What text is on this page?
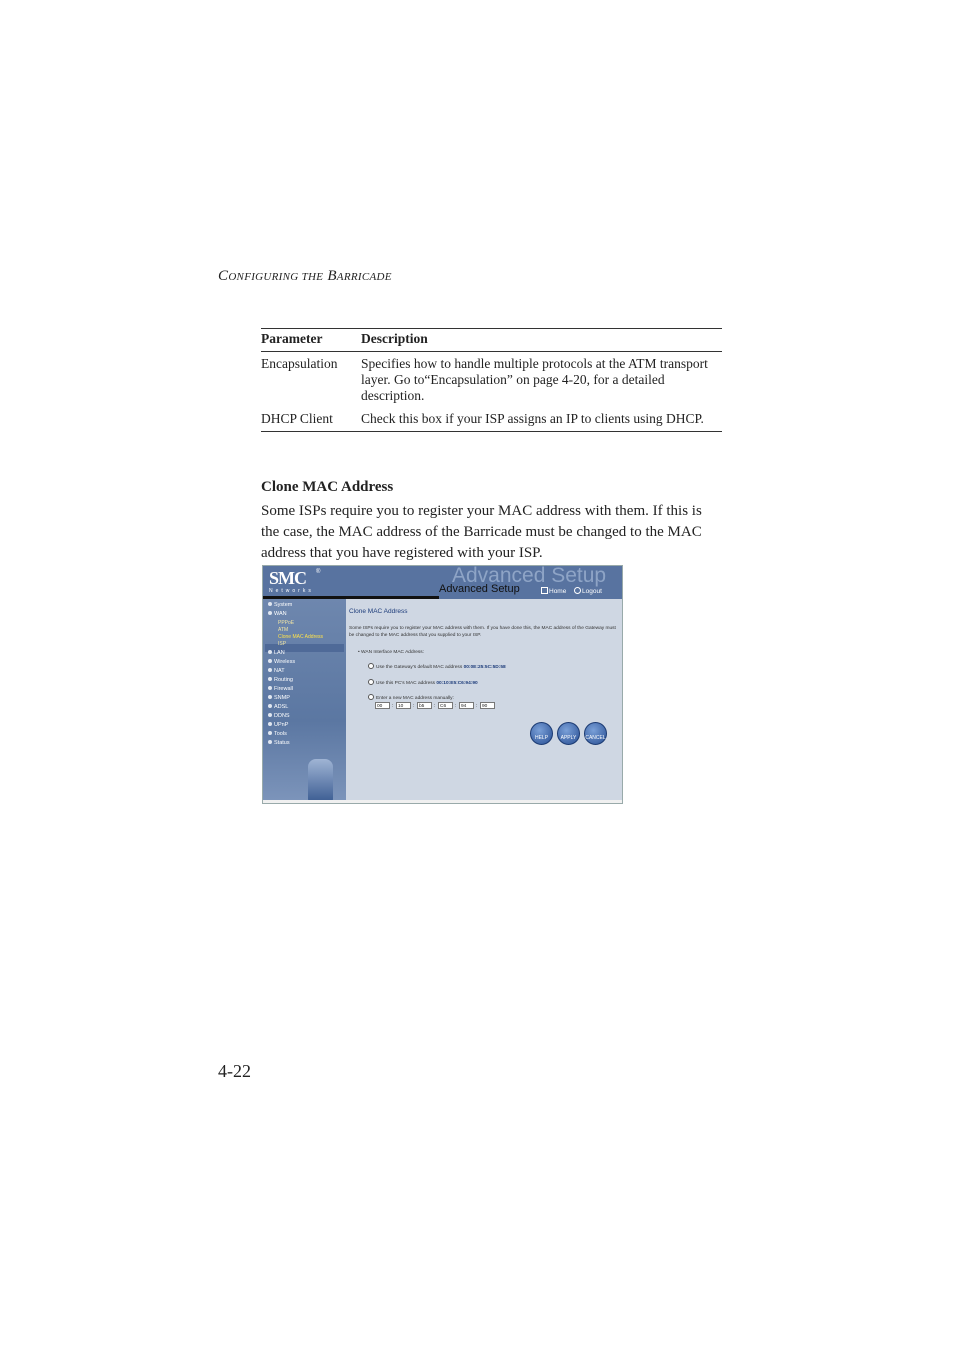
CONFIGURING THE BARRICADE
Parameter	Description
Encapsulation	Specifies how to handle multiple protocols at the ATM transport layer. Go to“Encapsulation” on page 4-20, for a detailed description.
DHCP Client	Check this box if your ISP assigns an IP to clients using DHCP.
Clone MAC Address
Some ISPs require you to register your MAC address with them. If this is the case, the MAC address of the Barricade must be changed to the MAC address that you have registered with your ISP.
Advanced Setup
SMC ®
Networks	Advanced Setup	Home	Logout
System
WAN
PPPoE
ATM
Clone MAC Address
ISP
LAN
Wireless
NAT
Routing
Firewall
SNMP
ADSL
DDNS
UPnP
Tools
Status
Clone MAC Address
Some ISPs require you to register your MAC address with them. If you have done this, the MAC address of the Gateway must be changed to the MAC address that you supplied to your ISP.
• WAN Interface MAC Address:
Use the Gateway's default MAC address 00:0E:25:5C:5D:58
Use this PC's MAC address 00:10:E5:C6:94:90
Enter a new MAC address manually:
00	: 10	: b5	: C6	: 94	: 90
HELP	APPLY	CANCEL
4-22
